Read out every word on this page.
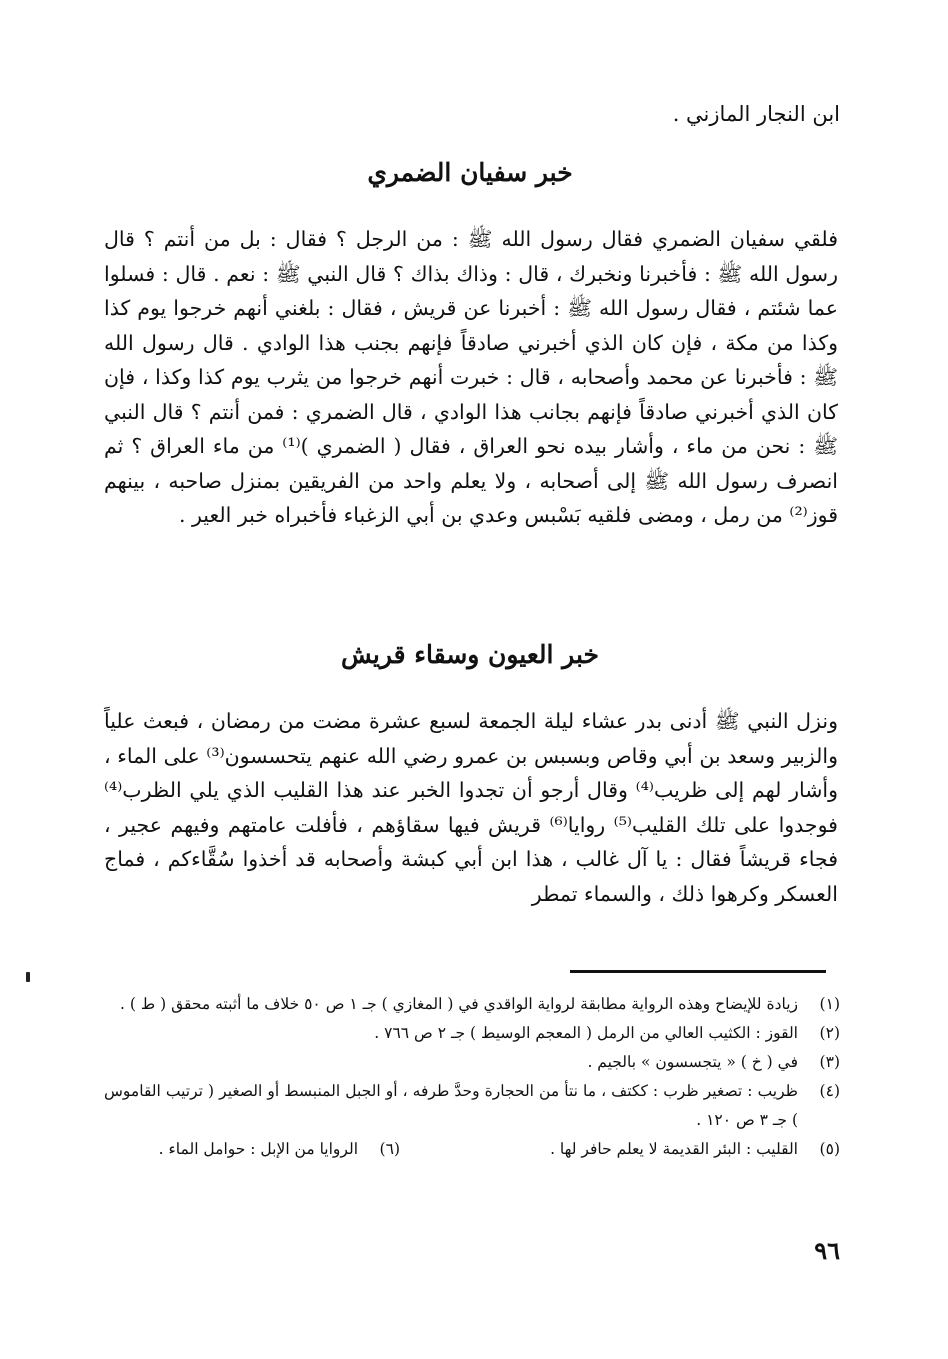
ابن النجار المازني .
خبر سفيان الضمري

فلقي سفيان الضمري فقال رسول الله ﷺ : من الرجل ؟ فقال : بل من أنتم ؟ قال رسول الله ﷺ : فأخبرنا ونخبرك ، قال : وذاك بذاك ؟ قال النبي ﷺ : نعم . قال : فسلوا عما شئتم ، فقال رسول الله ﷺ : أخبرنا عن قريش ، فقال : بلغني أنهم خرجوا يوم كذا وكذا من مكة ، فإن كان الذي أخبرني صادقاً فإنهم بجنب هذا الوادي . قال رسول الله ﷺ : فأخبرنا عن محمد وأصحابه ، قال : خبرت أنهم خرجوا من يثرب يوم كذا وكذا ، فإن كان الذي أخبرني صادقاً فإنهم بجانب هذا الوادي ، قال الضمري : فمن أنتم ؟ قال النبي ﷺ : نحن من ماء ، وأشار بيده نحو العراق ، فقال ( الضمري )⁽¹⁾ من ماء العراق ؟ ثم انصرف رسول الله ﷺ إلى أصحابه ، ولا يعلم واحد من الفريقين بمنزل صاحبه ، بينهم قوز⁽²⁾ من رمل ، ومضى فلقيه بَسْبس وعدي بن أبي الزغباء فأخبراه خبر العير .

خبر العيون وسقاء قريش

ونزل النبي ﷺ أدنى بدر عشاء ليلة الجمعة لسبع عشرة مضت من رمضان ، فبعث علياً والزبير وسعد بن أبي وقاص وبسبس بن عمرو رضي الله عنهم يتحسسون⁽³⁾ على الماء ، وأشار لهم إلى ظريب⁽⁴⁾ وقال أرجو أن تجدوا الخبر عند هذا القليب الذي يلي الظرب⁽⁴⁾ فوجدوا على تلك القليب⁽⁵⁾ روايا⁽⁶⁾ قريش فيها سقاؤهم ، فأفلت عامتهم وفيهم عجير ، فجاء قريشاً فقال : يا آل غالب ، هذا ابن أبي كبشة وأصحابه قد أخذوا سُقَّاءكم ، فماج العسكر وكرهوا ذلك ، والسماء تمطر

(١)
زيادة للإيضاح وهذه الرواية مطابقة لرواية الواقدي في ( المغازي ) جـ ١ ص ٥٠ خلاف ما أثبته محقق ( ط ) .
(٢)
القوز : الكثيب العالي من الرمل ( المعجم الوسيط ) جـ ٢ ص ٧٦٦ .
(٣)
في ( خ ) « يتجسسون » بالجيم .
(٤)
ظريب : تصغير ظرب : ككتف ، ما نتأ من الحجارة وحدَّ طرفه ، أو الجبل المنبسط أو الصغير ( ترتيب القاموس ) جـ ٣ ص ١٢٠ .
(٥)
القليب : البئر القديمة لا يعلم حافر لها .
(٦)
الروايا من الإبل : حوامل الماء .
٩٦
